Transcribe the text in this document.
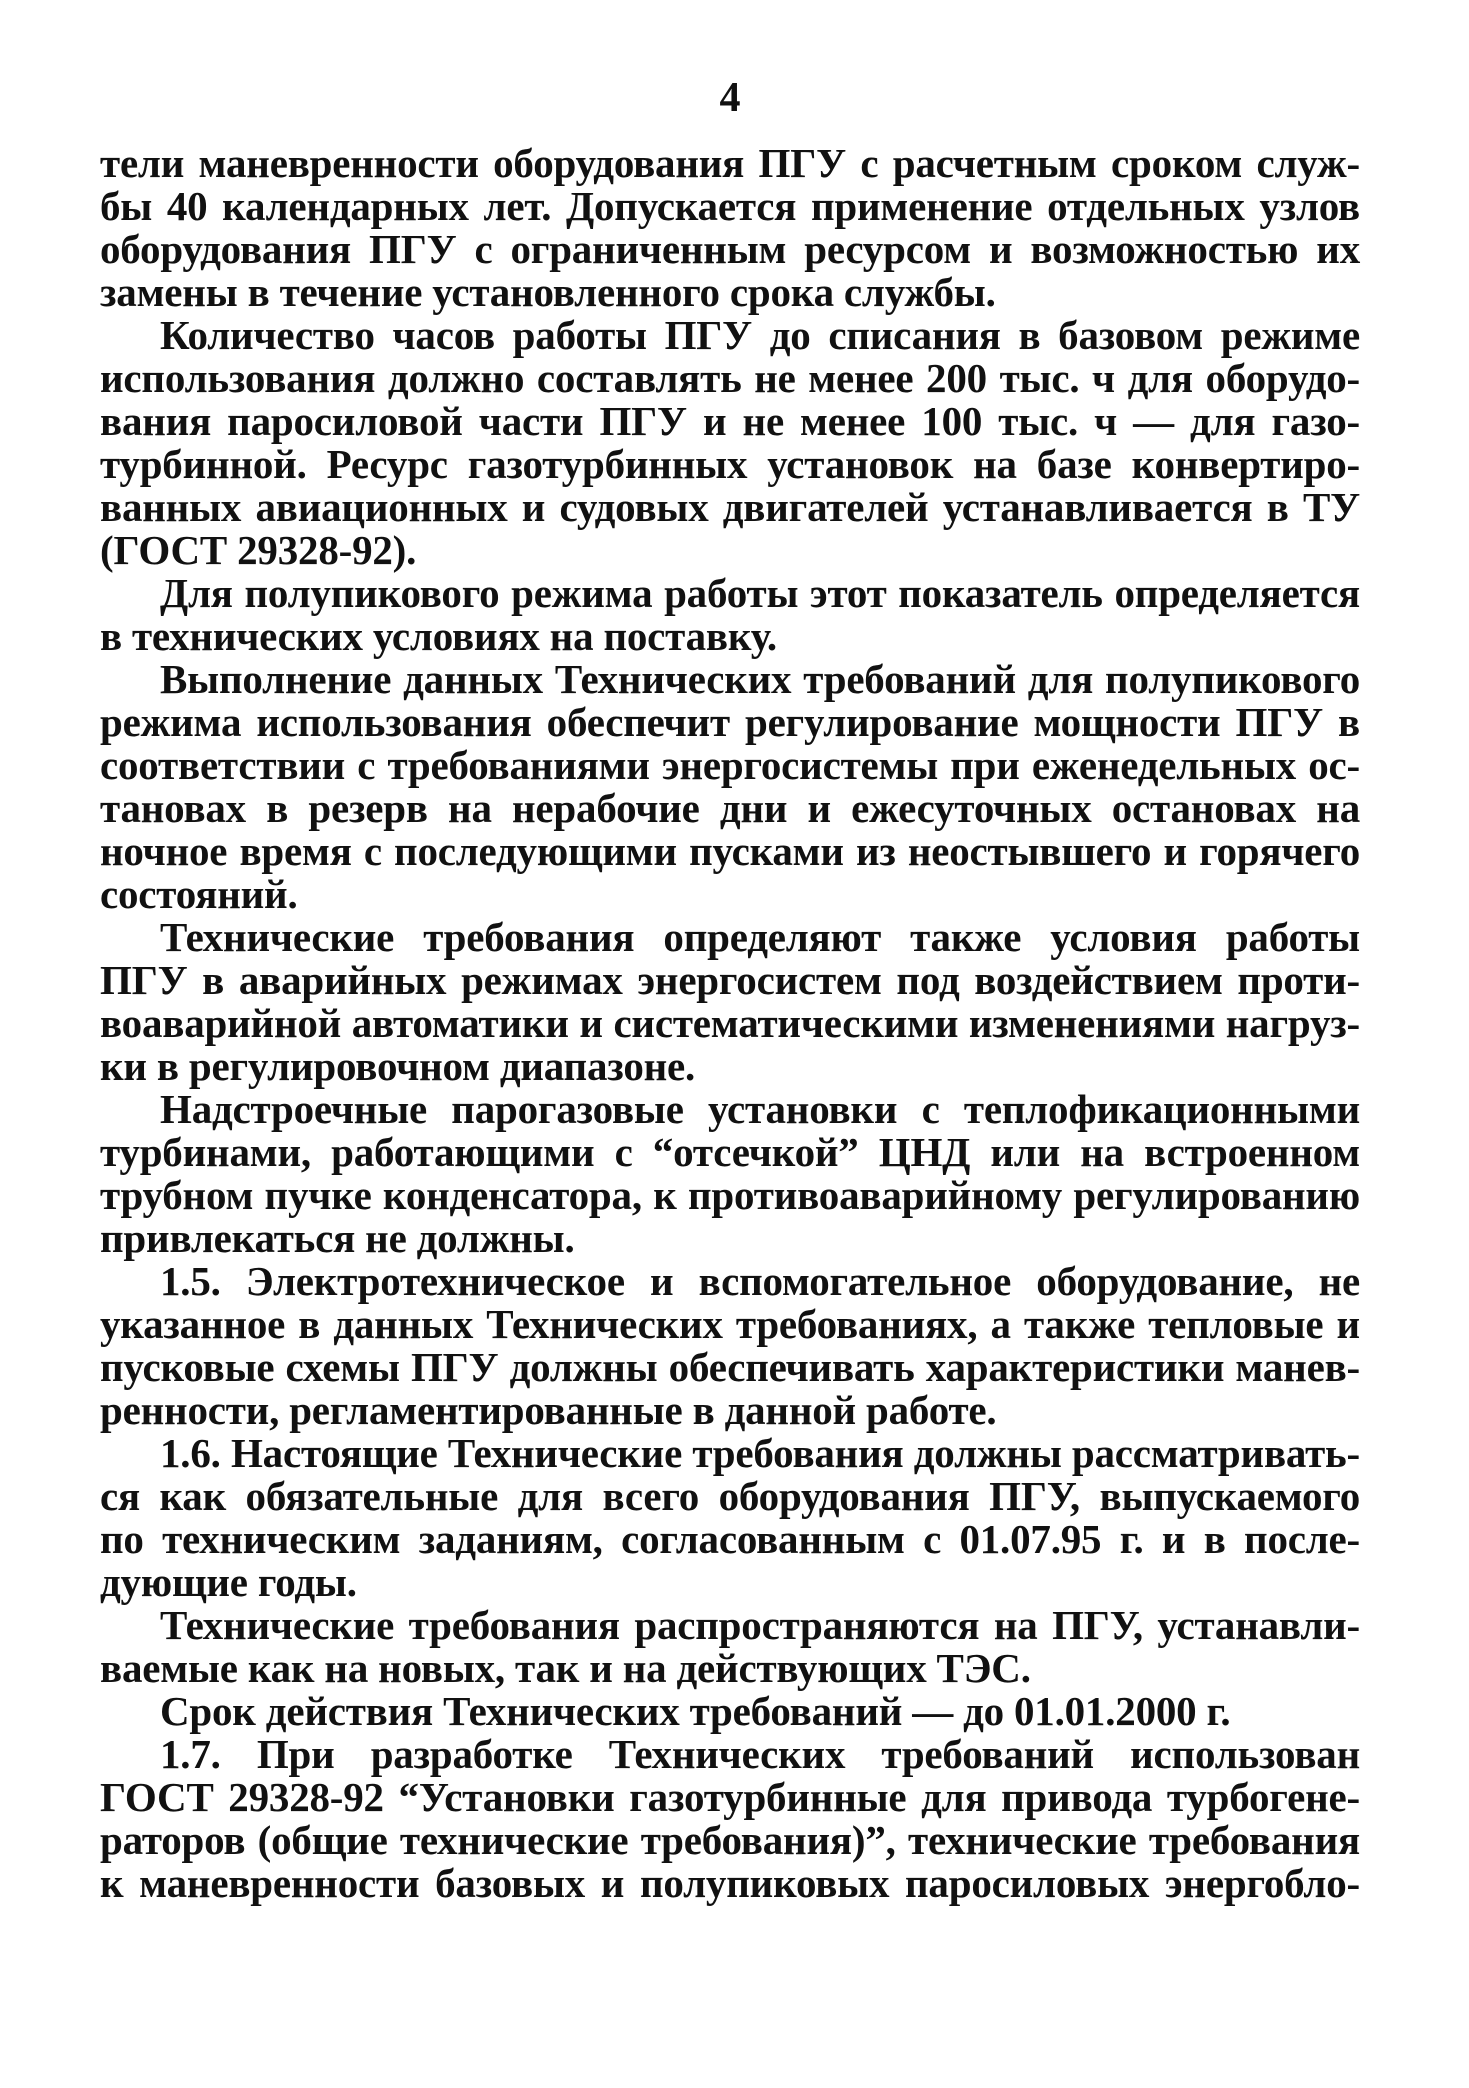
4

тели маневренности оборудования ПГУ с расчетным сроком служ-
бы 40 календарных лет. Допускается применение отдельных узлов
оборудования ПГУ с ограниченным ресурсом и возможностью их
замены в течение установленного срока службы.

Количество часов работы ПГУ до списания в базовом режиме
использования должно составлять не менее 200 тыс. ч для оборудо-
вания паросиловой части ПГУ и не менее 100 тыс. ч — для газо-
турбинной. Ресурс газотурбинных установок на базе конвертиро-
ванных авиационных и судовых двигателей устанавливается в ТУ
(ГОСТ 29328-92).

Для полупикового режима работы этот показатель определяется
в технических условиях на поставку.

Выполнение данных Технических требований для полупикового
режима использования обеспечит регулирование мощности ПГУ в
соответствии с требованиями энергосистемы при еженедельных ос-
тановах в резерв на нерабочие дни и ежесуточных остановах на
ночное время с последующими пусками из неостывшего и горячего
состояний.

Технические требования определяют также условия работы
ПГУ в аварийных режимах энергосистем под воздействием проти-
воаварийной автоматики и систематическими изменениями нагруз-
ки в регулировочном диапазоне.

Надстроечные парогазовые установки с теплофикационными
турбинами, работающими с “отсечкой” ЦНД или на встроенном
трубном пучке конденсатора, к противоаварийному регулированию
привлекаться не должны.

1.5. Электротехническое и вспомогательное оборудование, не
указанное в данных Технических требованиях, а также тепловые и
пусковые схемы ПГУ должны обеспечивать характеристики манев-
ренности, регламентированные в данной работе.

1.6. Настоящие Технические требования должны рассматривать-
ся как обязательные для всего оборудования ПГУ, выпускаемого
по техническим заданиям, согласованным с 01.07.95 г. и в после-
дующие годы.

Технические требования распространяются на ПГУ, устанавли-
ваемые как на новых, так и на действующих ТЭС.

Срок действия Технических требований — до 01.01.2000 г.

1.7. При разработке Технических требований использован
ГОСТ 29328-92 “Установки газотурбинные для привода турбогене-
раторов (общие технические требования)”, технические требования
к маневренности базовых и полупиковых паросиловых энергобло-
